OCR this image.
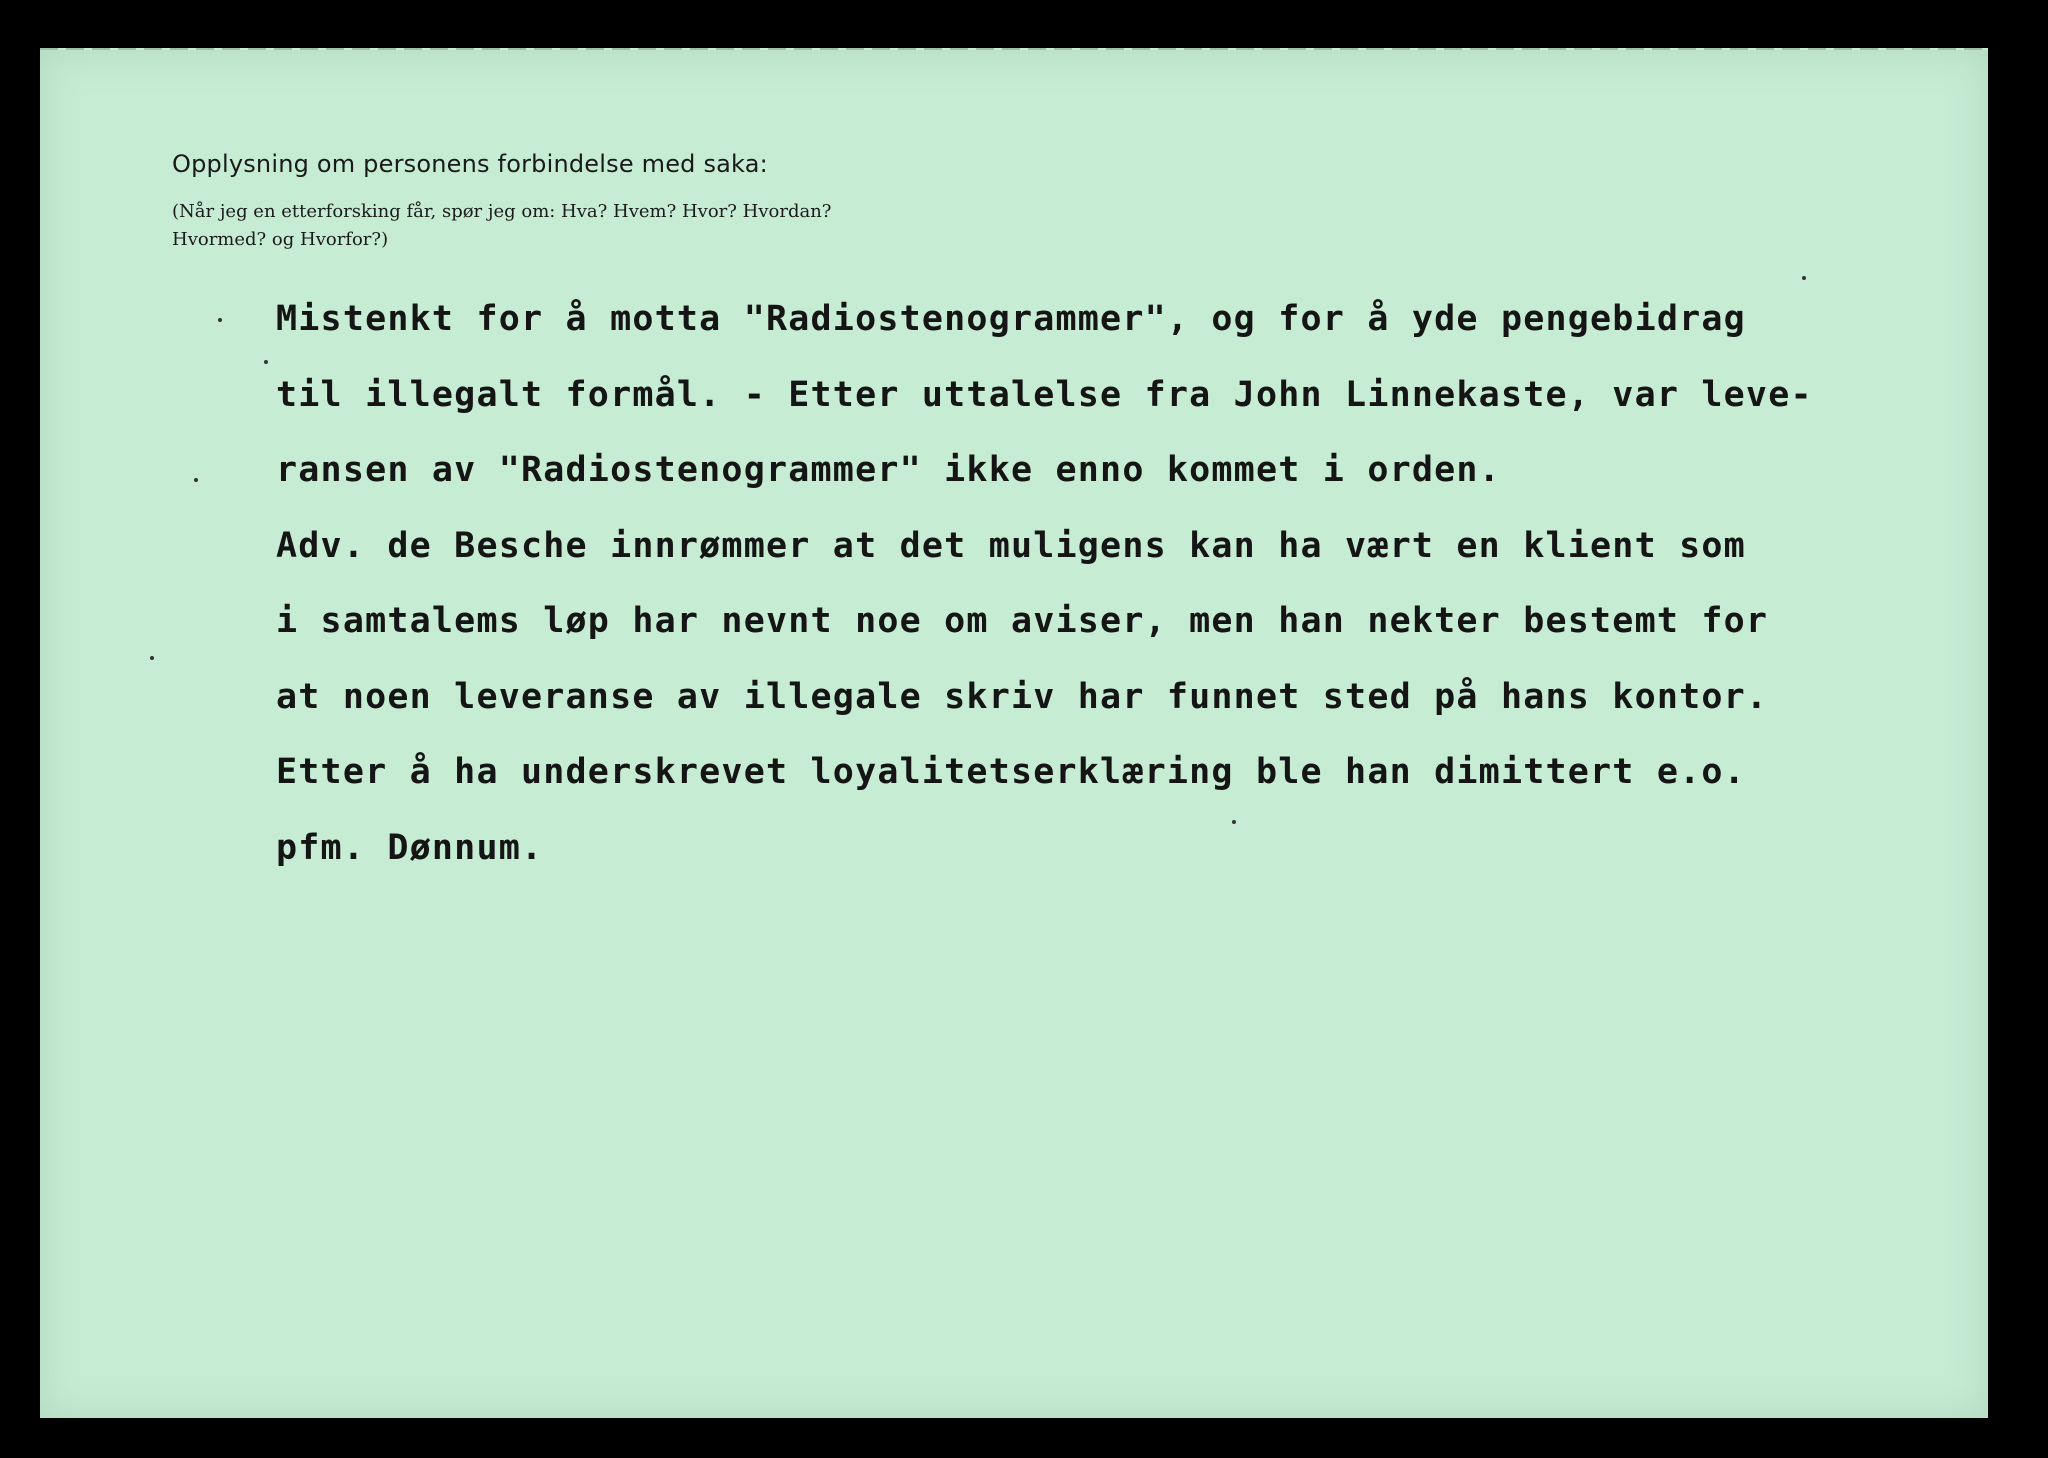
Opplysning om personens forbindelse med saka:
(Når jeg en etterforsking får, spør jeg om: Hva? Hvem? Hvor? Hvordan?
Hvormed? og Hvorfor?)
Mistenkt for å motta "Radiostenogrammer", og for å yde pengebidrag
til illegalt formål. - Etter uttalelse fra John Linnekaste, var leve-
ransen av "Radiostenogrammer" ikke enno kommet i orden.
Adv. de Besche innrømmer at det muligens kan ha vært en klient som
i samtalems løp har nevnt noe om aviser, men han nekter bestemt for
at noen leveranse av illegale skriv har funnet sted på hans kontor.
Etter å ha underskrevet loyalitetserklæring ble han dimittert e.o.
pfm. Dønnum.
